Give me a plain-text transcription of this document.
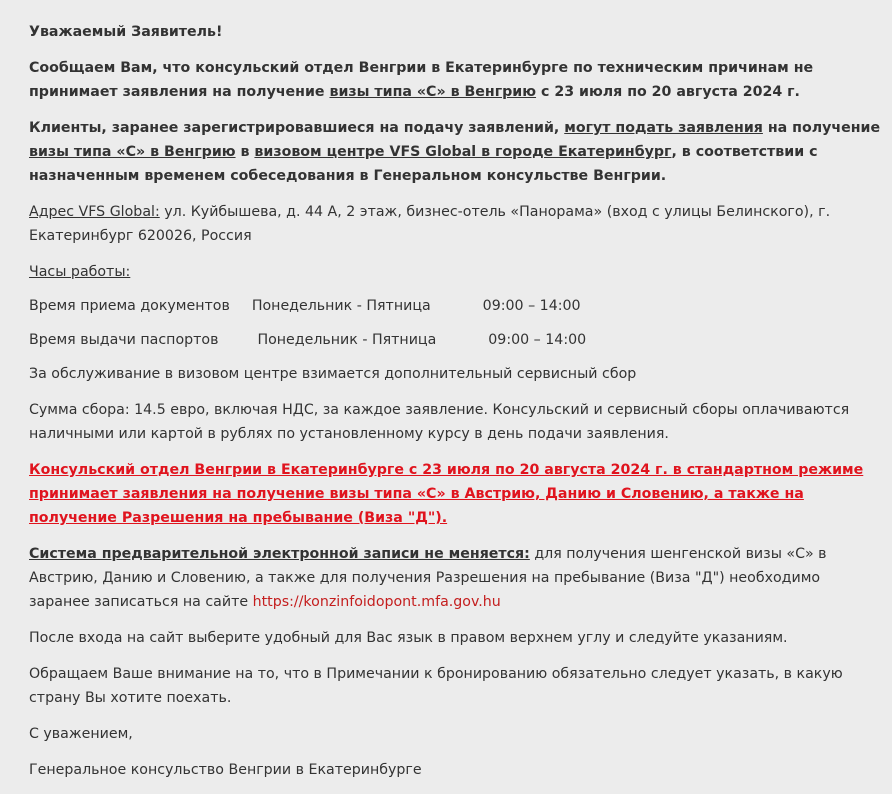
Уважаемый Заявитель!

Сообщаем Вам, что консульский отдел Венгрии в Екатеринбурге по техническим причинам не принимает заявления на получение визы типа «С» в Венгрию с 23 июля по 20 августа 2024 г.

Клиенты, заранее зарегистрировавшиеся на подачу заявлений, могут подать заявления на получение визы типа «С» в Венгрию в визовом центре VFS Global в городе Екатеринбург, в соответствии с назначенным временем собеседования в Генеральном консульстве Венгрии.

Адрес VFS Global: ул. Куйбышева, д. 44 А, 2 этаж, бизнес-отель «Панорама» (вход с улицы Белинского), г. Екатеринбург 620026, Россия

Часы работы:

Время приема документов Понедельник - Пятница	09:00 – 14:00

Время выдачи паспортов	Понедельник - Пятница	09:00 – 14:00

За обслуживание в визовом центре взимается дополнительный сервисный сбор

Сумма сбора: 14.5 евро, включая НДС, за каждое заявление. Консульский и сервисный сборы оплачиваются наличными или картой в рублях по установленному курсу в день подачи заявления.

Консульский отдел Венгрии в Екатеринбурге с 23 июля по 20 августа 2024 г. в стандартном режиме принимает заявления на получение визы типа «С» в Австрию, Данию и Словению, а также на получение Разрешения на пребывание (Виза "Д").

Система предварительной электронной записи не меняется: для получения шенгенской визы «С» в Австрию, Данию и Словению, а также для получения Разрешения на пребывание (Виза "Д") необходимо заранее записаться на сайте https://konzinfoidopont.mfa.gov.hu

После входа на сайт выберите удобный для Вас язык в правом верхнем углу и следуйте указаниям.

Обращаем Ваше внимание на то, что в Примечании к бронированию обязательно следует указать, в какую страну Вы хотите поехать.

С уважением,

Генеральное консульство Венгрии в Екатеринбурге
